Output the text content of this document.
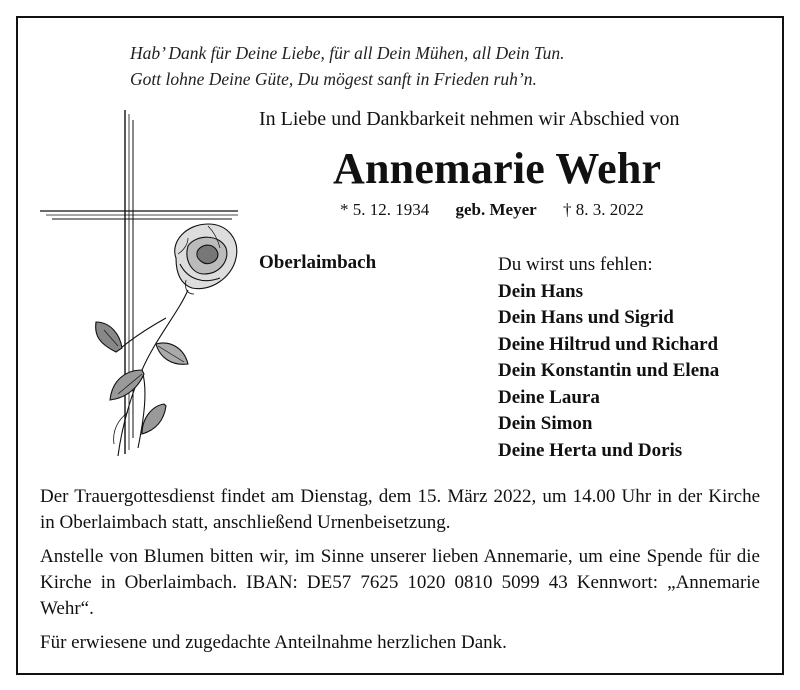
Hab’ Dank für Deine Liebe, für all Dein Mühen, all Dein Tun.
Gott lohne Deine Güte, Du mögest sanft in Frieden ruh’n.
In Liebe und Dankbarkeit nehmen wir Abschied von
Annemarie Wehr
* 5. 12. 1934 geb. Meyer † 8. 3. 2022
Oberlaimbach	Du wirst uns fehlen:
Dein Hans
Dein Hans und Sigrid
Deine Hiltrud und Richard
Dein Konstantin und Elena
Deine Laura
Dein Simon
Deine Herta und Doris

Der Trauergottesdienst findet am Dienstag, dem 15. März 2022, um 14.00 Uhr in der Kirche in Oberlaimbach statt, anschließend Urnenbeisetzung.

Anstelle von Blumen bitten wir, im Sinne unserer lieben Annemarie, um eine Spende für die Kirche in Oberlaimbach. IBAN: DE57 7625 1020 0810 5099 43 Kennwort: „Annemarie Wehr“.

Für erwiesene und zugedachte Anteilnahme herzlichen Dank.
